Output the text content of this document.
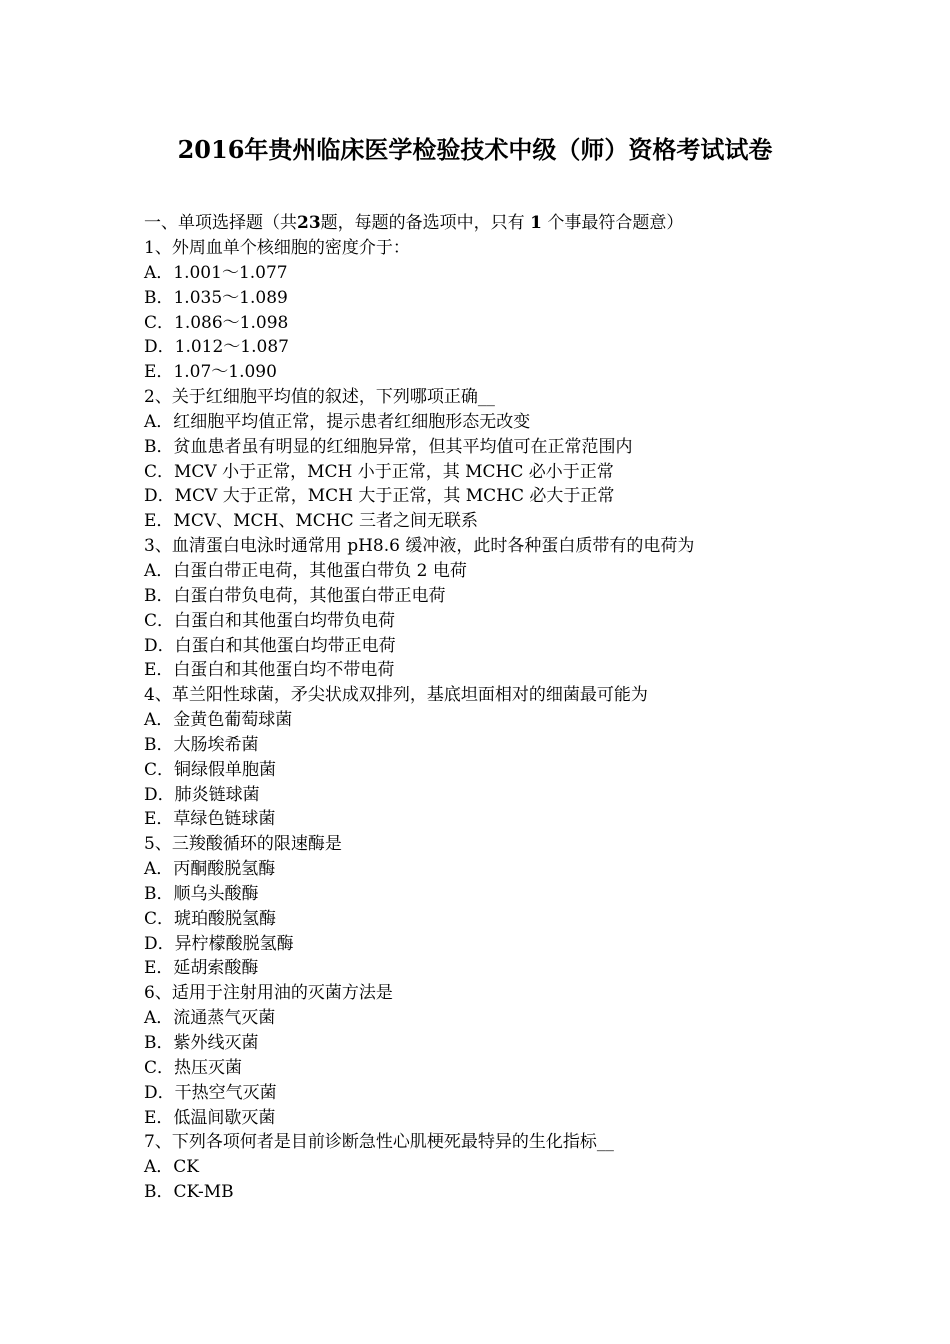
2016年贵州临床医学检验技术中级（师）资格考试试卷
一、单项选择题（共23题，每题的备选项中，只有 1 个事最符合题意）
1、外周血单个核细胞的密度介于：
A．1.001～1.077
B．1.035～1.089
C．1.086～1.098
D．1.012～1.087
E．1.07～1.090
2、关于红细胞平均值的叙述，下列哪项正确__
A．红细胞平均值正常，提示患者红细胞形态无改变
B．贫血患者虽有明显的红细胞异常，但其平均值可在正常范围内
C．MCV 小于正常，MCH 小于正常，其 MCHC 必小于正常
D．MCV 大于正常，MCH 大于正常，其 MCHC 必大于正常
E．MCV、MCH、MCHC 三者之间无联系
3、血清蛋白电泳时通常用 pH8.6 缓冲液，此时各种蛋白质带有的电荷为
A．白蛋白带正电荷，其他蛋白带负 2 电荷
B．白蛋白带负电荷，其他蛋白带正电荷
C．白蛋白和其他蛋白均带负电荷
D．白蛋白和其他蛋白均带正电荷
E．白蛋白和其他蛋白均不带电荷
4、革兰阳性球菌，矛尖状成双排列，基底坦面相对的细菌最可能为
A．金黄色葡萄球菌
B．大肠埃希菌
C．铜绿假单胞菌
D．肺炎链球菌
E．草绿色链球菌
5、三羧酸循环的限速酶是
A．丙酮酸脱氢酶
B．顺乌头酸酶
C．琥珀酸脱氢酶
D．异柠檬酸脱氢酶
E．延胡索酸酶
6、适用于注射用油的灭菌方法是
A．流通蒸气灭菌
B．紫外线灭菌
C．热压灭菌
D．干热空气灭菌
E．低温间歇灭菌
7、下列各项何者是目前诊断急性心肌梗死最特异的生化指标__
A．CK
B．CK-MB
